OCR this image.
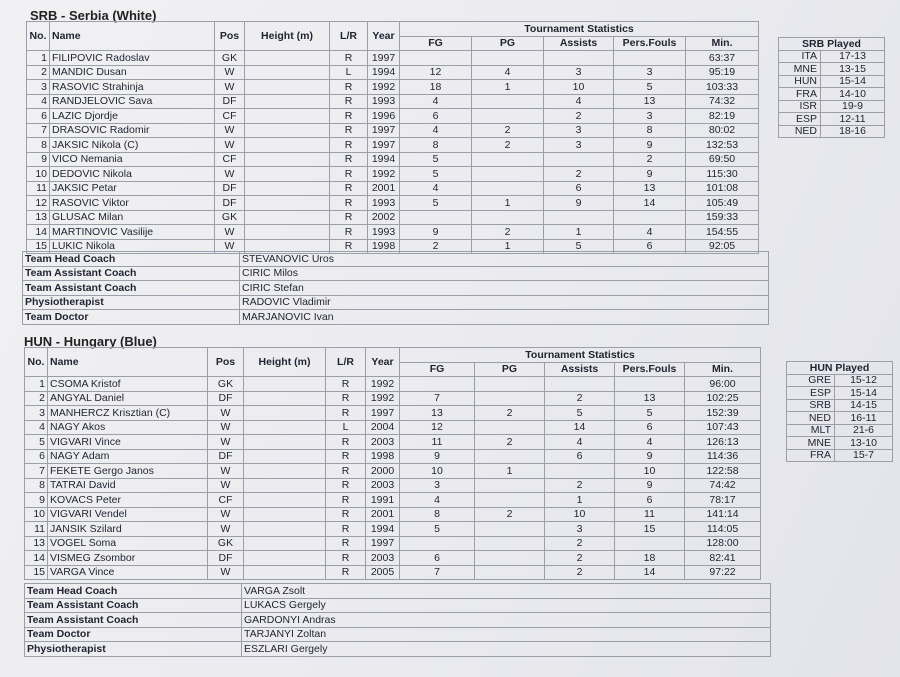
SRB - Serbia (White)
No.	Name	Pos	Height (m)	L/R	Year	Tournament Statistics					
						FG	PG	Assists	Pers.Fouls	Min.	
1	FILIPOVIC Radoslav	GK		R	1997					63:37	
2	MANDIC Dusan	W		L	1994	12	4	3	3	95:19	
3	RASOVIC Strahinja	W		R	1992	18	1	10	5	103:33	
4	RANDJELOVIC Sava	DF		R	1993	4		4	13	74:32	
6	LAZIC Djordje	CF		R	1996	6		2	3	82:19	
7	DRASOVIC Radomir	W		R	1997	4	2	3	8	80:02	
8	JAKSIC Nikola (C)	W		R	1997	8	2	3	9	132:53	
9	VICO Nemania	CF		R	1994	5			2	69:50	
10	DEDOVIC Nikola	W		R	1992	5		2	9	115:30	
11	JAKSIC Petar	DF		R	2001	4		6	13	101:08	
12	RASOVIC Viktor	DF		R	1993	5	1	9	14	105:49	
13	GLUSAC Milan	GK		R	2002					159:33	
14	MARTINOVIC Vasilije	W		R	1993	9	2	1	4	154:55	
15	LUKIC Nikola	W		R	1998	2	1	5	6	92:05	
Team Head Coach	STEVANOVIC Uros
Team Assistant Coach	CIRIC Milos
Team Assistant Coach	CIRIC Stefan
Physiotherapist	RADOVIC Vladimir
Team Doctor	MARJANOVIC Ivan
SRB Played	
ITA	17-13
MNE	13-15
HUN	15-14
FRA	14-10
ISR	19-9
ESP	12-11
NED	18-16
HUN - Hungary (Blue)
No.	Name	Pos	Height (m)	L/R	Year	Tournament Statistics					
						FG	PG	Assists	Pers.Fouls	Min.	
1	CSOMA Kristof	GK		R	1992					96:00	
2	ANGYAL Daniel	DF		R	1992	7		2	13	102:25	
3	MANHERCZ Krisztian (C)	W		R	1997	13	2	5	5	152:39	
4	NAGY Akos	W		L	2004	12		14	6	107:43	
5	VIGVARI Vince	W		R	2003	11	2	4	4	126:13	
6	NAGY Adam	DF		R	1998	9		6	9	114:36	
7	FEKETE Gergo Janos	W		R	2000	10	1		10	122:58	
8	TATRAI David	W		R	2003	3		2	9	74:42	
9	KOVACS Peter	CF		R	1991	4		1	6	78:17	
10	VIGVARI Vendel	W		R	2001	8	2	10	11	141:14	
11	JANSIK Szilard	W		R	1994	5		3	15	114:05	
13	VOGEL Soma	GK		R	1997			2		128:00	
14	VISMEG Zsombor	DF		R	2003	6		2	18	82:41	
15	VARGA Vince	W		R	2005	7		2	14	97:22	
Team Head Coach	VARGA Zsolt
Team Assistant Coach	LUKACS Gergely
Team Assistant Coach	GARDONYI Andras
Team Doctor	TARJANYI Zoltan
Physiotherapist	ESZLARI Gergely
HUN Played	
GRE	15-12
ESP	15-14
SRB	14-15
NED	16-11
MLT	21-6
MNE	13-10
FRA	15-7
